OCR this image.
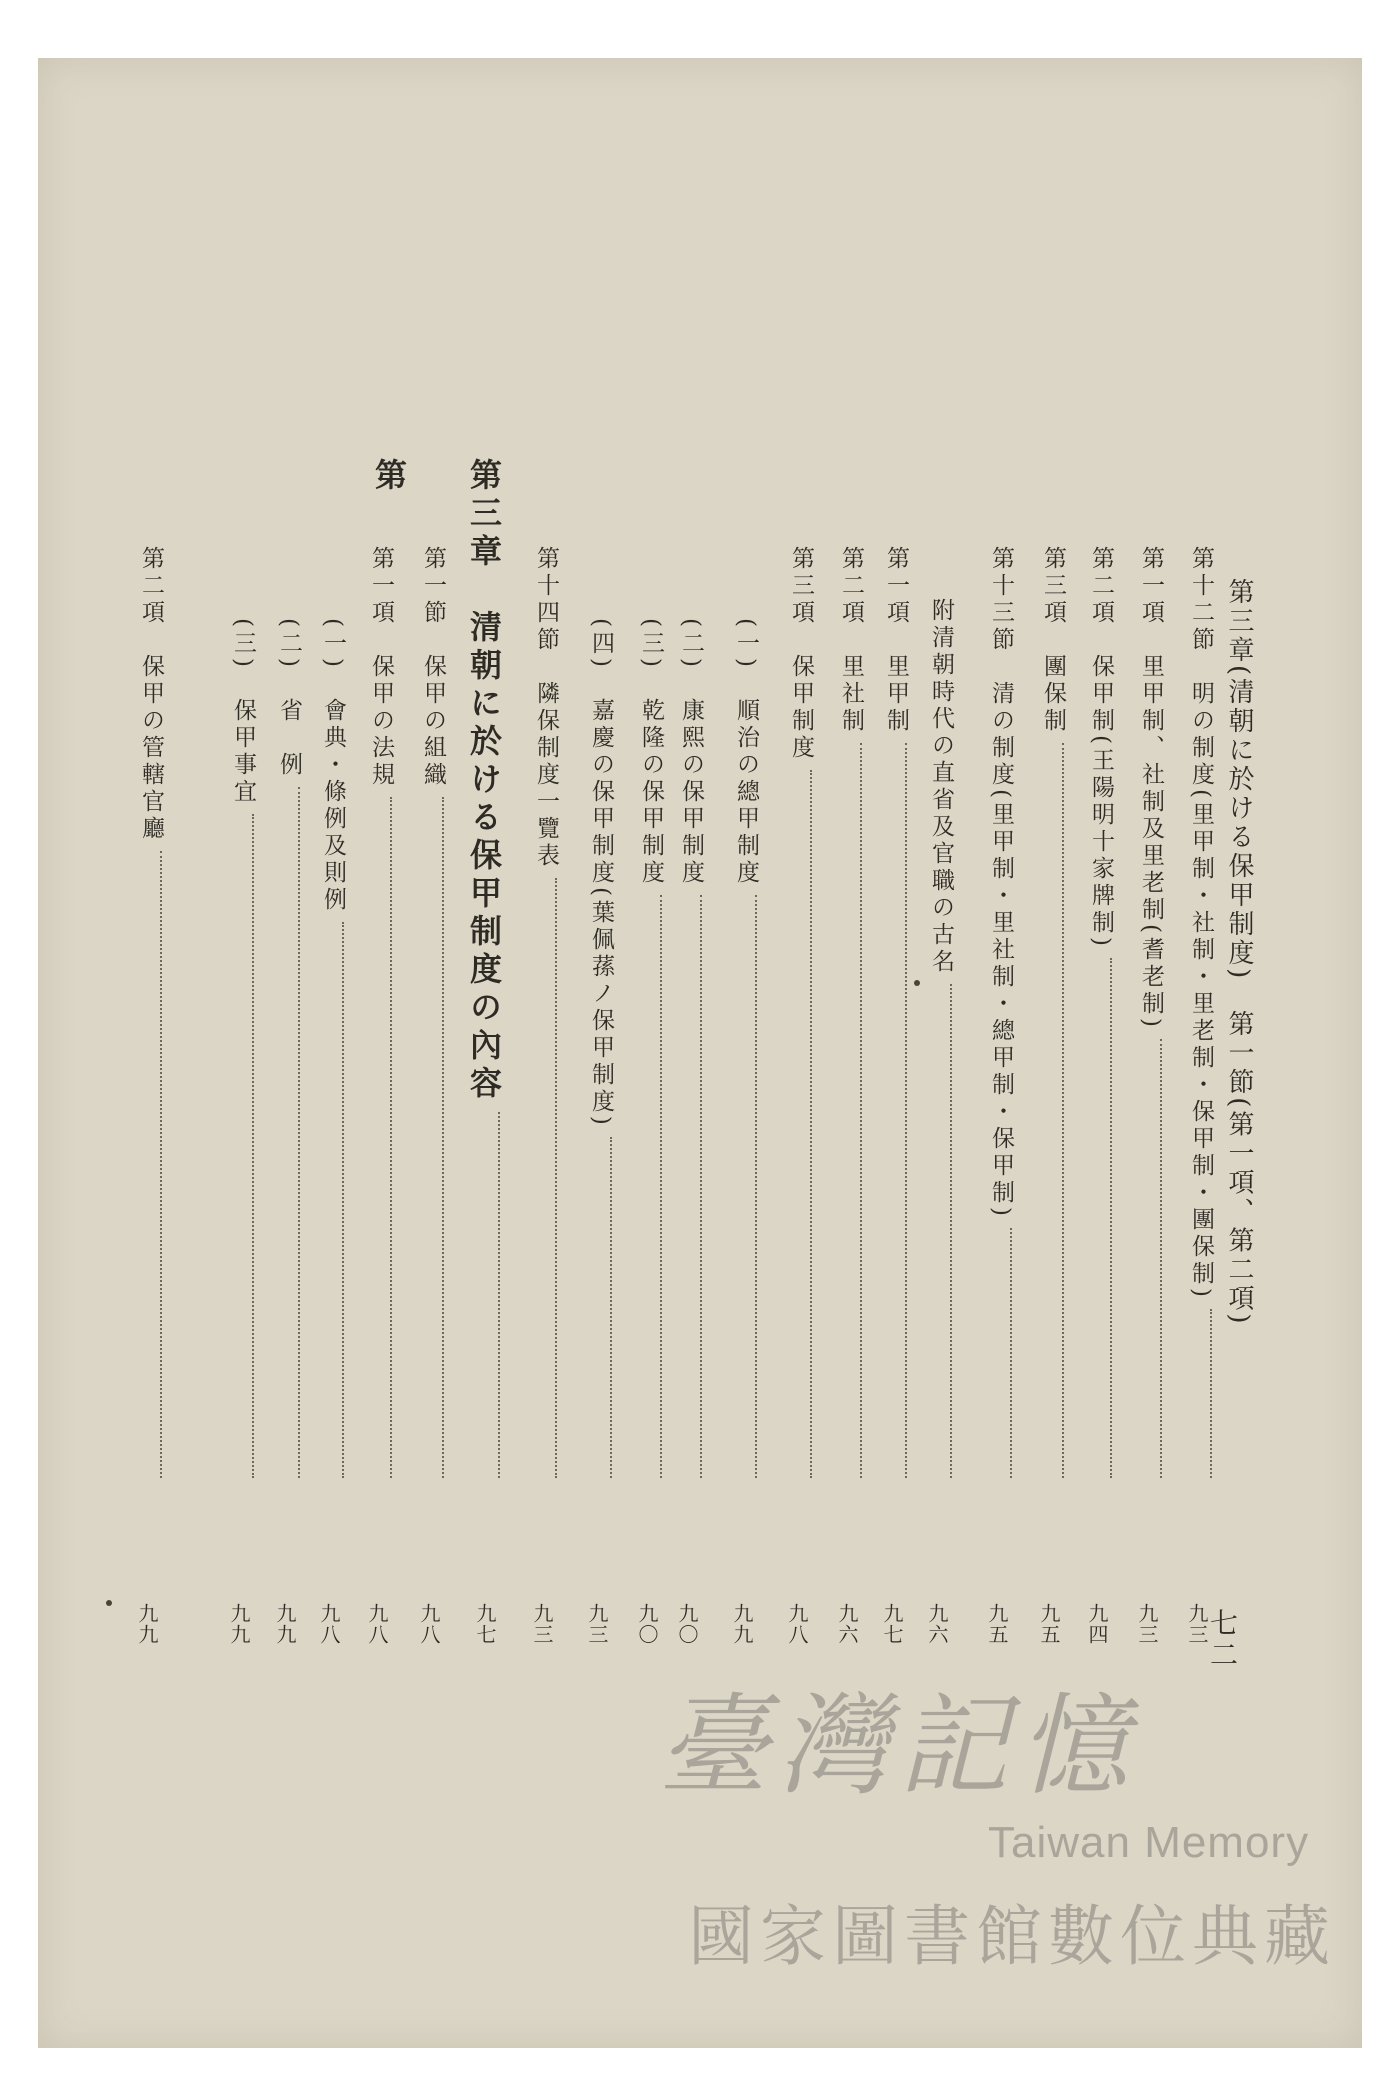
第三章(清朝に於ける保甲制度)　第一節(第一項、第二項)
七二
第十二節　明の制度(里甲制・社制・里老制・保甲制・團保制)
九三
第一項　里甲制、社制及里老制(耆老制)
九三
第二項　保甲制(王陽明十家牌制)
九四
第三項　團保制
九五
第十三節　清の制度(里甲制・里社制・總甲制・保甲制)
九五
附清朝時代の直省及官職の古名
九六
第一項　里甲制
九七
第二項　里社制
九六
第三項　保甲制度
九八
(一)　順治の總甲制度
九九
(二)　康熙の保甲制度
九〇
(三)　乾隆の保甲制度
九〇
(四)　嘉慶の保甲制度(葉佩蓀ノ保甲制度)
九三
第十四節　隣保制度一覽表
九三
第三章　清朝に於ける保甲制度の內容
九七
第一節　保甲の組織
九八
第一項　保甲の法規
九八
(一)　會典・條例及則例
九八
(二)　省　例
九九
(三)　保甲事宜
九九
第二項　保甲の管轄官廳
九九
第
臺灣記憶
Taiwan Memory
國家圖書館數位典藏
